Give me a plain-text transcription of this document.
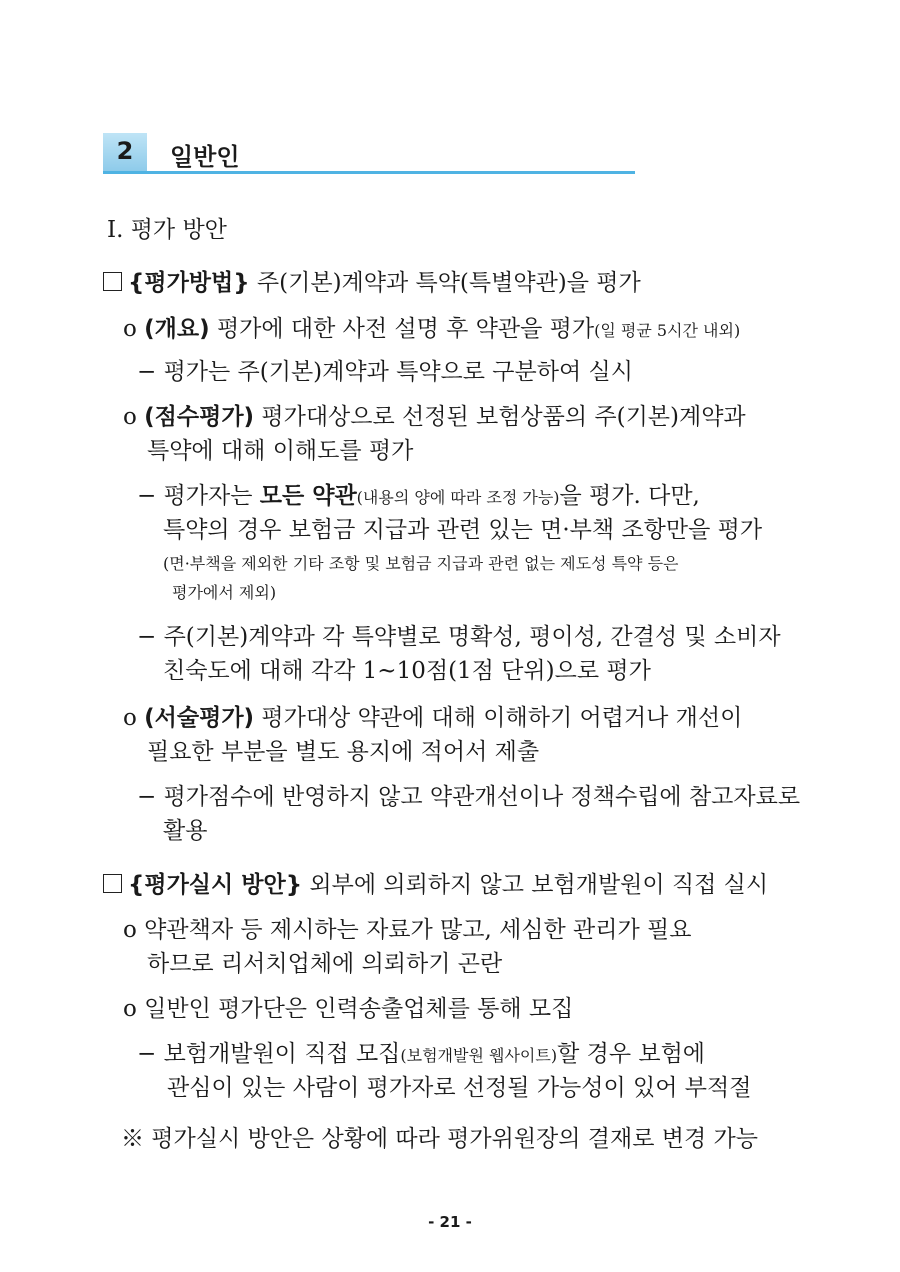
2	일반인
Ⅰ. 평가 방안
{평가방법} 주(기본)계약과 특약(특별약관)을 평가
o (개요) 평가에 대한 사전 설명 후 약관을 평가(일 평균 5시간 내외)
− 평가는 주(기본)계약과 특약으로 구분하여 실시
o (점수평가) 평가대상으로 선정된 보험상품의 주(기본)계약과
특약에 대해 이해도를 평가
− 평가자는 모든 약관(내용의 양에 따라 조정 가능)을 평가. 다만,
특약의 경우 보험금 지급과 관련 있는 면·부책 조항만을 평가
(면·부책을 제외한 기타 조항 및 보험금 지급과 관련 없는 제도성 특약 등은
평가에서 제외)
− 주(기본)계약과 각 특약별로 명확성, 평이성, 간결성 및 소비자
친숙도에 대해 각각 1~10점(1점 단위)으로 평가
o (서술평가) 평가대상 약관에 대해 이해하기 어렵거나 개선이
필요한 부분을 별도 용지에 적어서 제출
− 평가점수에 반영하지 않고 약관개선이나 정책수립에 참고자료로
활용
{평가실시 방안} 외부에 의뢰하지 않고 보험개발원이 직접 실시
o 약관책자 등 제시하는 자료가 많고, 세심한 관리가 필요
하므로 리서치업체에 의뢰하기 곤란
o 일반인 평가단은 인력송출업체를 통해 모집
− 보험개발원이 직접 모집(보험개발원 웹사이트)할 경우 보험에
관심이 있는 사람이 평가자로 선정될 가능성이 있어 부적절
※ 평가실시 방안은 상황에 따라 평가위원장의 결재로 변경 가능
- 21 -
